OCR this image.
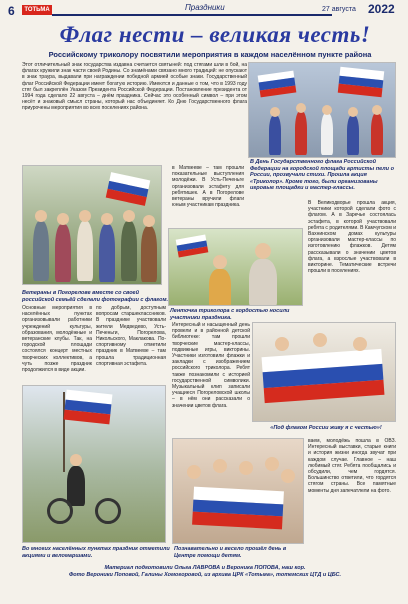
6	ТОТЬМА	Праздники	27 августа 2022
Флаг нести – великая честь!
Российскому триколору посвятили мероприятия в каждом населённом пункте района
Этот отличительный знак государства издавна считается святыней: под стягами шли в бой, на флагах кружили знак части своей Родины. Со знамёнами связано много традиций: не опускают в знак траура, выдавали при награждении победной армией особые знаки. Государственный флаг Российской Федерации имеет богатую историю. Имеются и данные о том, что в 1993 году стяг был закреплён Указом Президента Российской Федерации. Постановление президента от 1994 года сделало 22 августа – днём праздника. Сейчас это особенный символ – при этом несёт и знаковый смысл страны, который нас объединяет. Ко Дню Государственного флага приурочены мероприятия во всех поселениях района.
В День Государственного флага Российской Федерации на городской площади артисты пели о России, прозвучали стихи. Прошла акция «Триколор». Кроме того, были организованы игровые площадки и мастер-классы.
Ветераны в Погорелове вместе со своей российской семьёй сделали фотографии с флагом.
в Матвееве – там прошли показательные выступления молодёжи. В Усть-Печеньге организовали эстафету для ребятишек. А в Погорелове ветераны вручили флаги юным участникам праздника.
Ленточка триколора с гордостью носили участники праздника.
В Великодворье прошла акция, участники которой сделали фото с флагом. А в Заречье состоялась эстафета, в которой участвовали ребята с родителями. В Камчугском и Вахнинском домах культуры организовали мастер-классы по изготовлению флажков. Детям рассказывали о значении цветов флага, а взрослые участвовали в викторине. Тематические встречи прошли в поселениях.
Основные мероприятия в населённых пунктах организовывали работники учреждений культуры, образования, молодёжные и ветеранские клубы. Так, на городской площади состоялся концерт местных творческих коллективов, а чуть позже праздник продолжился в виде акции.
по добрым, доступным вопросам старшеклассников. В празднике участвовали жители Медведево, Усть-Печеньги, Погорелова, Никольского, Маклакова. По-спортивному отметили праздник в Матвееве – там прошла традиционная спортивная эстафета.
Интересный и насыщенный день провели и в районной детской библиотеке: там прошли творческие мастер-классы, подвижные игры, викторины. Участники изготовили флажки и закладки с изображением российского триколора. Ребят также познакомили с историей государственной символики. Музыкальный клип записали учащиеся Погореловской школы – в нём они рассказали о значении цветов флага.
«Под флагом России живу я с честью»!
Во многих населённых пунктах праздник отметили акциями и веломаршами.
Познавательно и весело прошёл день в Центре помощи детям.
ваем, молодёжь пошла в ОВЗ. Интересный выставки, старые книги и история жизни иногда звучат при каждом случае. Главное – наш любимый стяг. Ребята пообщались и обсудили, чем гордятся. Большинство ответили, что гордятся стягом страны. Все памятные моменты дня запечатлели на фото.
Материал подготовили Ольга ЛАВРОВА и Вероника ПОПОВА, наш кор.
Фото Вероники Поповой, Галины Хомогоровой, из архива ЦРК «Тотьма», тотемских ЦТД и ЦБС.
